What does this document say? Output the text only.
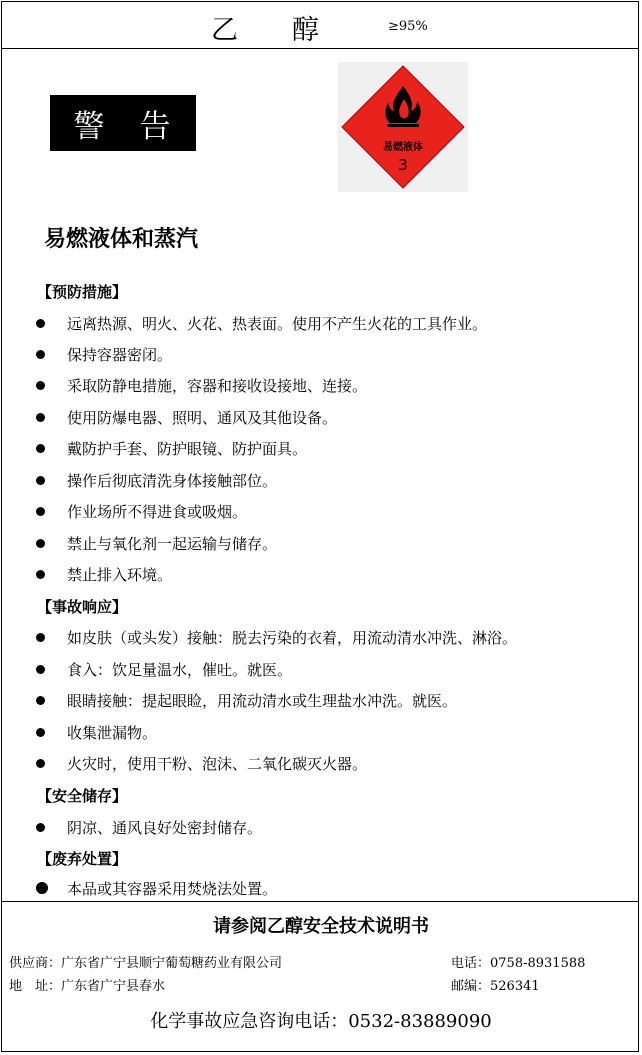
乙　　醇	≥95%
警　告
易燃液体
3
易燃液体和蒸汽
【预防措施】
远离热源、明火、火花、热表面。使用不产生火花的工具作业。
保持容器密闭。
采取防静电措施，容器和接收设接地、连接。
使用防爆电器、照明、通风及其他设备。
戴防护手套、防护眼镜、防护面具。
操作后彻底清洗身体接触部位。
作业场所不得进食或吸烟。
禁止与氧化剂一起运输与储存。
禁止排入环境。
【事故响应】
如皮肤（或头发）接触：脱去污染的衣着，用流动清水冲洗、淋浴。
食入：饮足量温水，催吐。就医。
眼睛接触：提起眼睑，用流动清水或生理盐水冲洗。就医。
收集泄漏物。
火灾时，使用干粉、泡沫、二氧化碳灭火器。
【安全储存】
阴凉、通风良好处密封储存。
【废弃处置】
本品或其容器采用焚烧法处置。
请参阅乙醇安全技术说明书
供应商：广东省广宁县顺宁葡萄糖药业有限公司
地　址：广东省广宁县春水
电话：0758-8931588
邮编：526341
化学事故应急咨询电话：0532-83889090
